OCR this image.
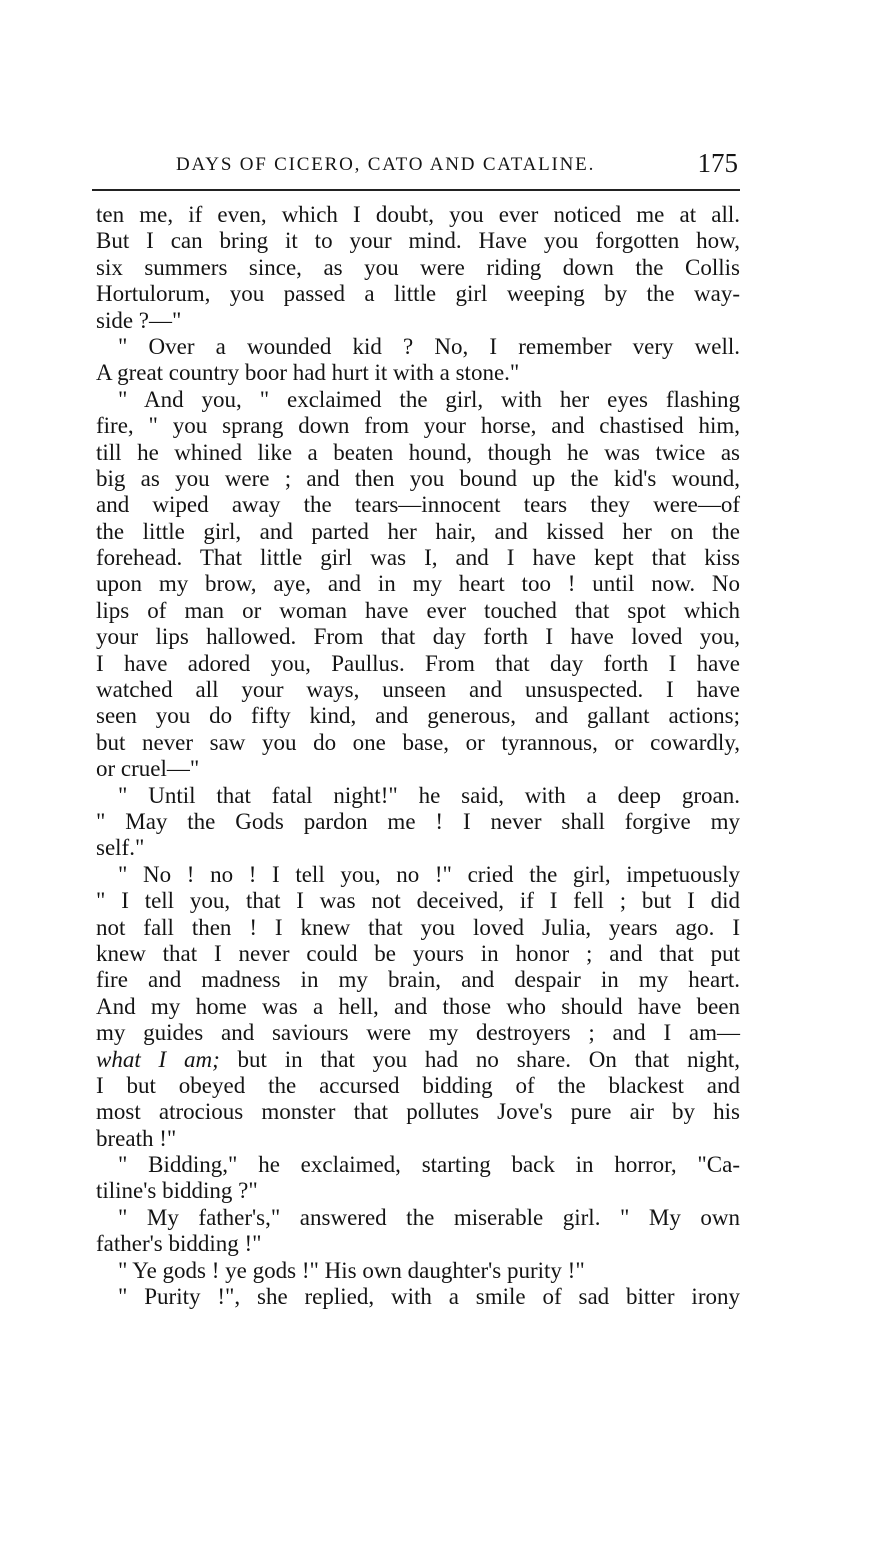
DAYS OF CICERO, CATO AND CATALINE.	175
ten me, if even, which I doubt, you ever noticed me at all.
But I can bring it to your mind. Have you forgotten how,
six summers since, as you were riding down the Collis
Hortulorum, you passed a little girl weeping by the way-
side ?—"
" Over a wounded kid ? No, I remember very well.
A great country boor had hurt it with a stone."
" And you, " exclaimed the girl, with her eyes flashing
fire, " you sprang down from your horse, and chastised him,
till he whined like a beaten hound, though he was twice as
big as you were ; and then you bound up the kid's wound,
and wiped away the tears—innocent tears they were—of
the little girl, and parted her hair, and kissed her on the
forehead. That little girl was I, and I have kept that kiss
upon my brow, aye, and in my heart too ! until now. No
lips of man or woman have ever touched that spot which
your lips hallowed. From that day forth I have loved you,
I have adored you, Paullus. From that day forth I have
watched all your ways, unseen and unsuspected. I have
seen you do fifty kind, and generous, and gallant actions;
but never saw you do one base, or tyrannous, or cowardly,
or cruel—"
" Until that fatal night!" he said, with a deep groan.
" May the Gods pardon me ! I never shall forgive my
self."
" No ! no ! I tell you, no !" cried the girl, impetuously
" I tell you, that I was not deceived, if I fell ; but I did
not fall then ! I knew that you loved Julia, years ago. I
knew that I never could be yours in honor ; and that put
fire and madness in my brain, and despair in my heart.
And my home was a hell, and those who should have been
my guides and saviours were my destroyers ; and I am—
what I am; but in that you had no share. On that night,
I but obeyed the accursed bidding of the blackest and
most atrocious monster that pollutes Jove's pure air by his
breath !"
" Bidding," he exclaimed, starting back in horror, "Ca-
tiline's bidding ?"
" My father's," answered the miserable girl. " My own
father's bidding !"
" Ye gods ! ye gods !" His own daughter's purity !"
" Purity !", she replied, with a smile of sad bitter irony
